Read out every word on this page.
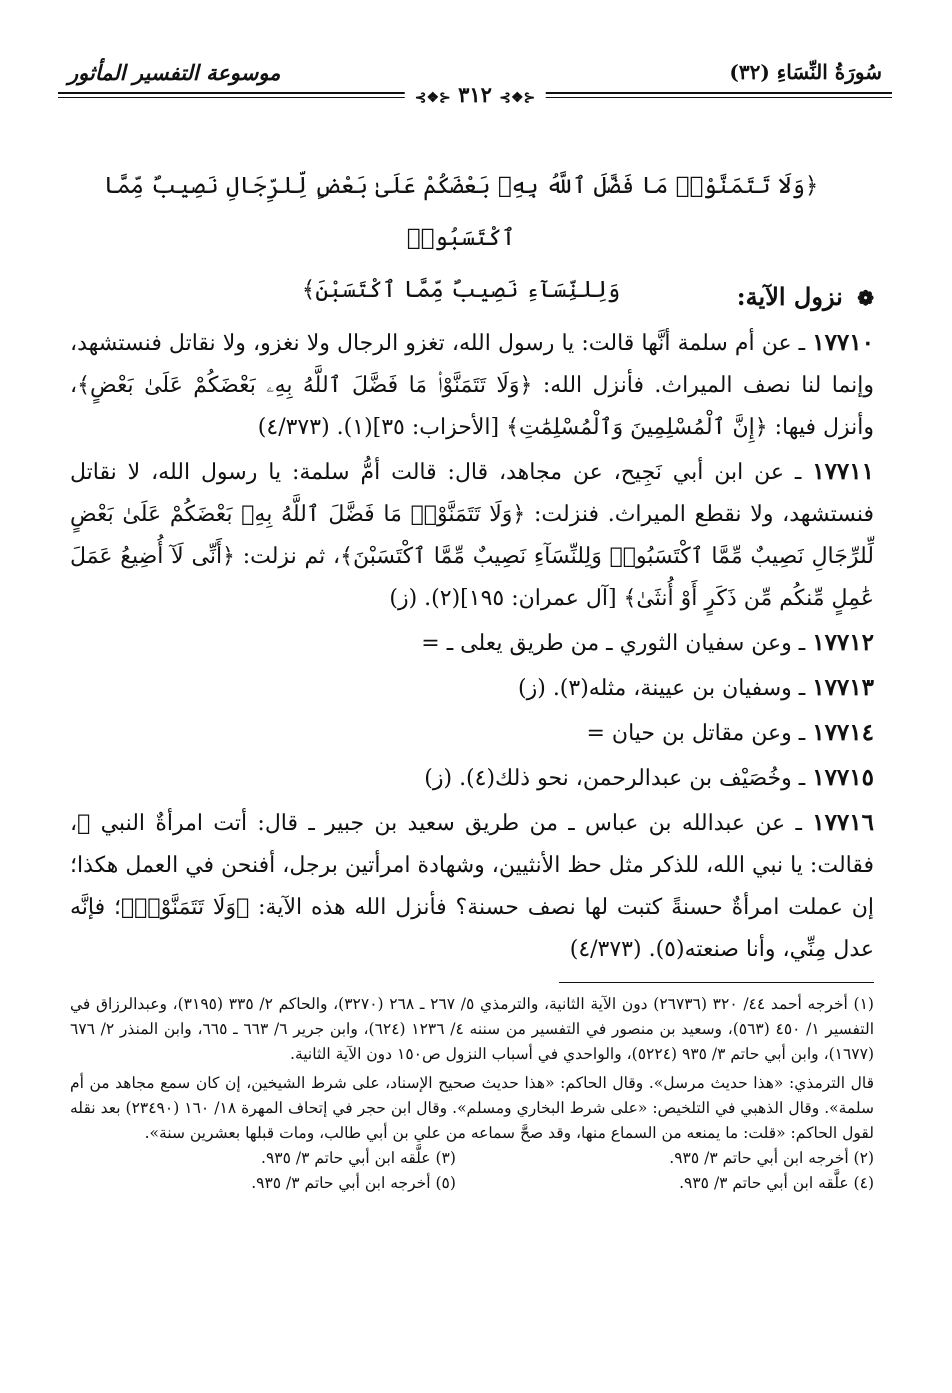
سُورَةُ النِّسَاءِ (٣٢)
موسوعة التفسير المأثور
⊰❖⊱ ٣١٢ ⊰❖⊱
﴿وَلَا تَتَمَنَّوْا۟ مَا فَضَّلَ ٱللَّهُ بِهِۦ بَعْضَكُمْ عَلَىٰ بَعْضٍ لِّلرِّجَالِ نَصِيبٌ مِّمَّا ٱكْتَسَبُوا۟
وَلِلنِّسَآءِ نَصِيبٌ مِّمَّا ٱكْتَسَبْنَ﴾	❁ نزول الآية:

١٧٧١٠ ـ عن أم سلمة أنَّها قالت: يا رسول الله، تغزو الرجال ولا نغزو، ولا نقاتل فنستشهد، وإنما لنا نصف الميراث. فأنزل الله: ﴿وَلَا تَتَمَنَّوْا۟ مَا فَضَّلَ ٱللَّهُ بِهِۦ بَعْضَكُمْ عَلَىٰ بَعْضٍ﴾، وأنزل فيها: ﴿إِنَّ ٱلْمُسْلِمِينَ وَٱلْمُسْلِمَٰتِ﴾ [الأحزاب: ٣٥](١). (٤/٣٧٣)

١٧٧١١ ـ عن ابن أبي نَجِيح، عن مجاهد، قال: قالت أمُّ سلمة: يا رسول الله، لا نقاتل فنستشهد، ولا نقطع الميراث. فنزلت: ﴿وَلَا تَتَمَنَّوْا۟ مَا فَضَّلَ ٱللَّهُ بِهِۦ بَعْضَكُمْ عَلَىٰ بَعْضٍ لِّلرِّجَالِ نَصِيبٌ مِّمَّا ٱكْتَسَبُوا۟ وَلِلنِّسَآءِ نَصِيبٌ مِّمَّا ٱكْتَسَبْنَ﴾، ثم نزلت: ﴿أَنِّى لَآ أُضِيعُ عَمَلَ عَٰمِلٍ مِّنكُم مِّن ذَكَرٍ أَوْ أُنثَىٰ﴾ [آل عمران: ١٩٥](٢). (ز)

١٧٧١٢ ـ وعن سفيان الثوري ـ من طريق يعلى ـ =

١٧٧١٣ ـ وسفيان بن عيينة، مثله(٣). (ز)

١٧٧١٤ ـ وعن مقاتل بن حيان =

١٧٧١٥ ـ وخُصَيْف بن عبدالرحمن، نحو ذلك(٤). (ز)

١٧٧١٦ ـ عن عبدالله بن عباس ـ من طريق سعيد بن جبير ـ قال: أتت امرأةٌ النبي ﷺ، فقالت: يا نبي الله، للذكر مثل حظ الأنثيين، وشهادة امرأتين برجل، أفنحن في العمل هكذا؛ إن عملت امرأةٌ حسنةً كتبت لها نصف حسنة؟ فأنزل الله هذه الآية: ﴿وَلَا تَتَمَنَّوْا۟﴾؛ فإنَّه عدل مِنِّي، وأنا صنعته(٥). (٤/٣٧٣)

(١) أخرجه أحمد ٤٤/ ٣٢٠ (٢٦٧٣٦) دون الآية الثانية، والترمذي ٥/ ٢٦٧ ـ ٢٦٨ (٣٢٧٠)، والحاكم ٢/ ٣٣٥ (٣١٩٥)، وعبدالرزاق في التفسير ١/ ٤٥٠ (٥٦٣)، وسعيد بن منصور في التفسير من سننه ٤/ ١٢٣٦ (٦٢٤)، وابن جرير ٦/ ٦٦٣ ـ ٦٦٥، وابن المنذر ٢/ ٦٧٦ (١٦٧٧)، وابن أبي حاتم ٣/ ٩٣٥ (٥٢٢٤)، والواحدي في أسباب النزول ص١٥٠ دون الآية الثانية.

قال الترمذي: «هذا حديث مرسل». وقال الحاكم: «هذا حديث صحيح الإسناد، على شرط الشيخين، إن كان سمع مجاهد من أم سلمة». وقال الذهبي في التلخيص: «على شرط البخاري ومسلم». وقال ابن حجر في إتحاف المهرة ١٨/ ١٦٠ (٢٣٤٩٠) بعد نقله لقول الحاكم: «قلت: ما يمنعه من السماع منها، وقد صحَّ سماعه من علي بن أبي طالب، ومات قبلها بعشرين سنة».

(٢) أخرجه ابن أبي حاتم ٣/ ٩٣٥.
(٣) علَّقه ابن أبي حاتم ٣/ ٩٣٥.
(٤) علَّقه ابن أبي حاتم ٣/ ٩٣٥.
(٥) أخرجه ابن أبي حاتم ٣/ ٩٣٥.
